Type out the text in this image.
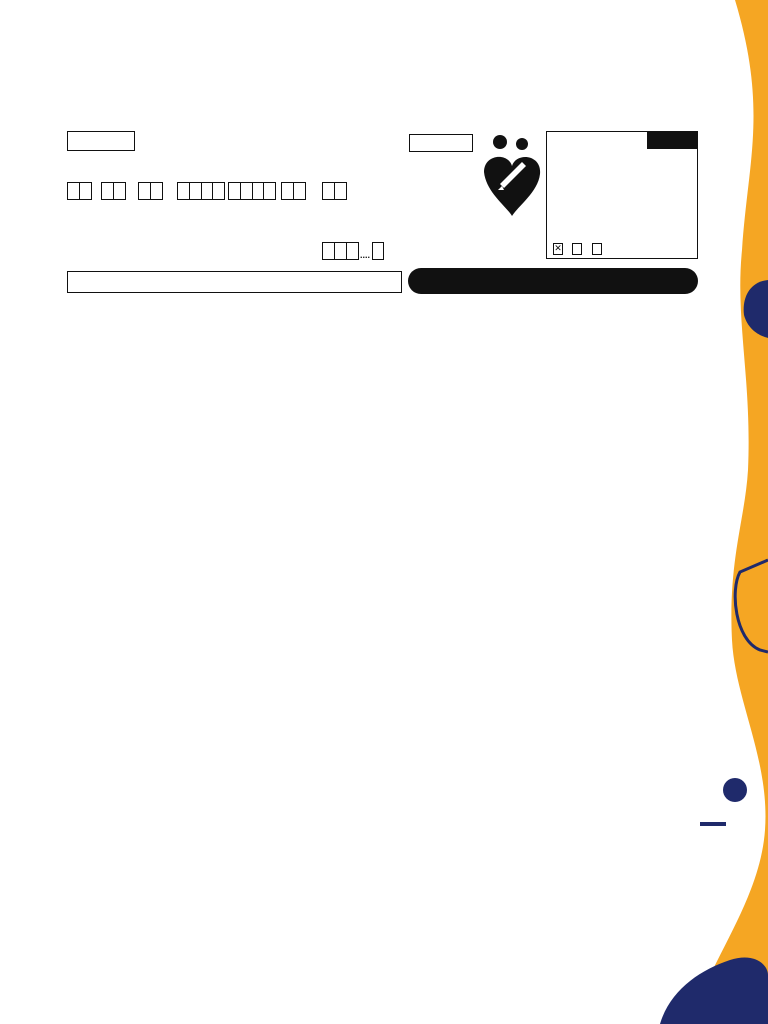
....
✕
